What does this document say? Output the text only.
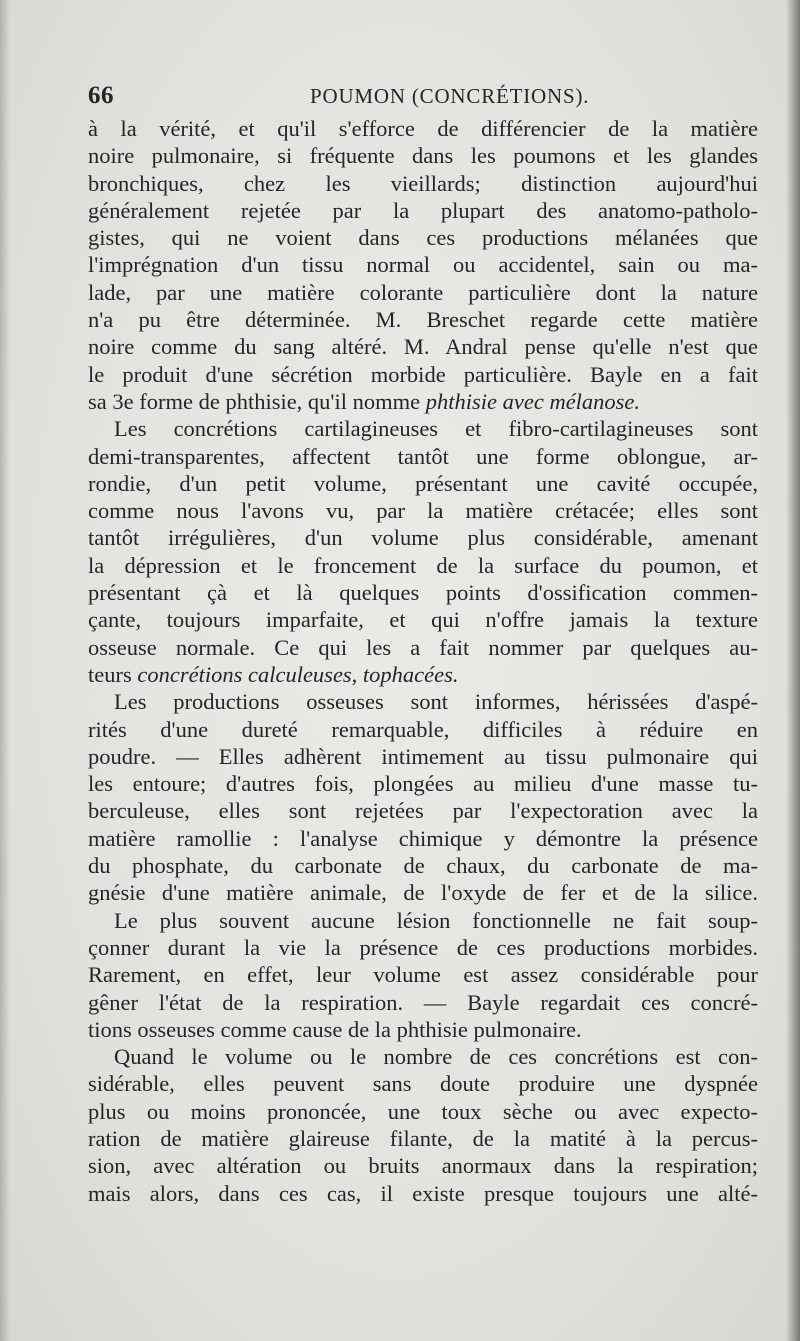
66	POUMON (CONCRÉTIONS).
à la vérité, et qu'il s'efforce de différencier de la matière
noire pulmonaire, si fréquente dans les poumons et les glandes
bronchiques, chez les vieillards; distinction aujourd'hui
généralement rejetée par la plupart des anatomo-patholo-
gistes, qui ne voient dans ces productions mélanées que
l'imprégnation d'un tissu normal ou accidentel, sain ou ma-
lade, par une matière colorante particulière dont la nature
n'a pu être déterminée. M. Breschet regarde cette matière
noire comme du sang altéré. M. Andral pense qu'elle n'est que
le produit d'une sécrétion morbide particulière. Bayle en a fait
sa 3e forme de phthisie, qu'il nomme phthisie avec mélanose.
Les concrétions cartilagineuses et fibro-cartilagineuses sont
demi-transparentes, affectent tantôt une forme oblongue, ar-
rondie, d'un petit volume, présentant une cavité occupée,
comme nous l'avons vu, par la matière crétacée; elles sont
tantôt irrégulières, d'un volume plus considérable, amenant
la dépression et le froncement de la surface du poumon, et
présentant çà et là quelques points d'ossification commen-
çante, toujours imparfaite, et qui n'offre jamais la texture
osseuse normale. Ce qui les a fait nommer par quelques au-
teurs concrétions calculeuses, tophacées.
Les productions osseuses sont informes, hérissées d'aspé-
rités d'une dureté remarquable, difficiles à réduire en
poudre. — Elles adhèrent intimement au tissu pulmonaire qui
les entoure; d'autres fois, plongées au milieu d'une masse tu-
berculeuse, elles sont rejetées par l'expectoration avec la
matière ramollie : l'analyse chimique y démontre la présence
du phosphate, du carbonate de chaux, du carbonate de ma-
gnésie d'une matière animale, de l'oxyde de fer et de la silice.
Le plus souvent aucune lésion fonctionnelle ne fait soup-
çonner durant la vie la présence de ces productions morbides.
Rarement, en effet, leur volume est assez considérable pour
gêner l'état de la respiration. — Bayle regardait ces concré-
tions osseuses comme cause de la phthisie pulmonaire.
Quand le volume ou le nombre de ces concrétions est con-
sidérable, elles peuvent sans doute produire une dyspnée
plus ou moins prononcée, une toux sèche ou avec expecto-
ration de matière glaireuse filante, de la matité à la percus-
sion, avec altération ou bruits anormaux dans la respiration;
mais alors, dans ces cas, il existe presque toujours une alté-
